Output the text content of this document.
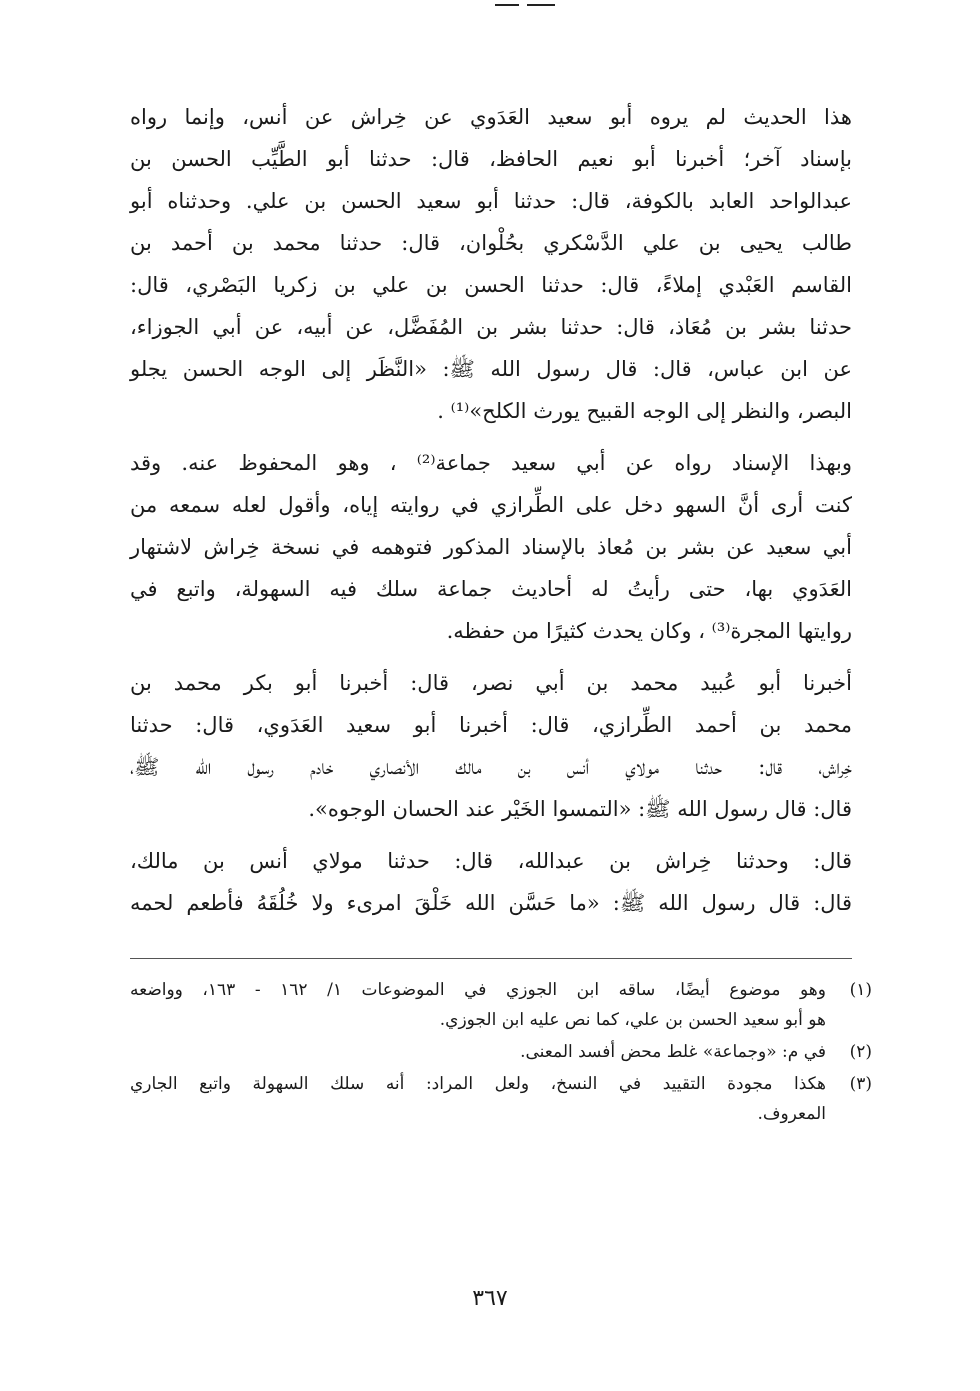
هذا الحديث لم يروه أبو سعيد العَدَوي عن خِراش عن أنس، وإنما رواه
بإسناد آخر؛ أخبرنا أبو نعيم الحافظ، قال: حدثنا أبو الطَّيِّب الحسن بن
عبدالواحد العابد بالكوفة، قال: حدثنا أبو سعيد الحسن بن علي. وحدثناه أبو
طالب يحيى بن علي الدَّسْكري بحُلْوان، قال: حدثنا محمد بن أحمد بن
القاسم العَبْدي إملاءً، قال: حدثنا الحسن بن علي بن زكريا البَصْري، قال:
حدثنا بشر بن مُعَاذ، قال: حدثنا بشر بن المُفَضَّل، عن أبيه، عن أبي الجوزاء،
عن ابن عباس، قال: قال رسول الله ﷺ: «النَّظَر إلى الوجه الحسن يجلو
البصر، والنظر إلى الوجه القبيح يورث الكلح»⁽¹⁾ .
وبهذا الإسناد رواه عن أبي سعيد جماعة⁽²⁾ ، وهو المحفوظ عنه. وقد
كنت أرى أنَّ السهو دخل على الطِّرازي في روايته إياه، وأقول لعله سمعه من
أبي سعيد عن بشر بن مُعاذ بالإسناد المذكور فتوهمه في نسخة خِراش لاشتهار
العَدَوي بها، حتى رأيتُ له أحاديث جماعة سلك فيه السهولة، واتبع في
روايتها المجرة⁽³⁾ ، وكان يحدث كثيرًا من حفظه.
أخبرنا أبو عُبيد محمد بن أبي نصر، قال: أخبرنا أبو بكر محمد بن
محمد بن أحمد الطِّرازي، قال: أخبرنا أبو سعيد العَدَوي، قال: حدثنا
خِراش، قال: حدثنا مولاي أنس بن مالك الأنصاري خادم رسول الله ﷺ،
قال: قال رسول الله ﷺ: «التمسوا الخَيْر عند الحسان الوجوه».
قال: وحدثنا خِراش بن عبدالله، قال: حدثنا مولاي أنس بن مالك،
قال: قال رسول الله ﷺ: «ما حَسَّن الله خَلْقَ امرىء ولا خُلُقَهُ فأطعم لحمه
(١)
وهو موضوع أيضًا، ساقه ابن الجوزي في الموضوعات ١/ ١٦٢ - ١٦٣، وواضعه
هو أبو سعيد الحسن بن علي، كما نص عليه ابن الجوزي.
(٢)
في م: «وجماعة» غلط محض أفسد المعنى.
(٣)
هكذا مجودة التقييد في النسخ، ولعل المراد: أنه سلك السهولة واتبع الجاري
المعروف.
٣٦٧
